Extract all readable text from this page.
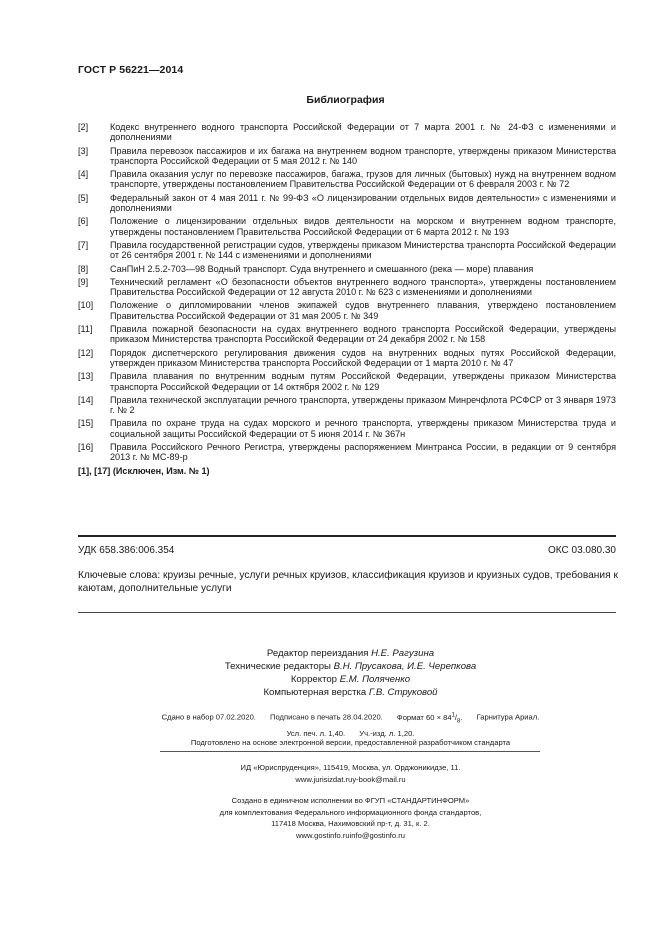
ГОСТ Р 56221—2014
Библиография
[2]	Кодекс внутреннего водного транспорта Российской Федерации от 7 марта 2001 г. № 24-ФЗ с изменениями и дополнениями
[3]	Правила перевозок пассажиров и их багажа на внутреннем водном транспорте, утверждены приказом Министерства транспорта Российской Федерации от 5 мая 2012 г. № 140
[4]	Правила оказания услуг по перевозке пассажиров, багажа, грузов для личных (бытовых) нужд на внутреннем водном транспорте, утверждены постановлением Правительства Российской Федерации от 6 февраля 2003 г. № 72
[5]	Федеральный закон от 4 мая 2011 г. № 99-ФЗ «О лицензировании отдельных видов деятельности» с изменениями и дополнениями
[6]	Положение о лицензировании отдельных видов деятельности на морском и внутреннем водном транспорте, утверждены постановлением Правительства Российской Федерации от 6 марта 2012 г. № 193
[7]	Правила государственной регистрации судов, утверждены приказом Министерства транспорта Российской Федерации от 26 сентября 2001 г. № 144 с изменениями и дополнениями
[8]	СанПиН 2.5.2-703—98 Водный транспорт. Суда внутреннего и смешанного (река — море) плавания
[9]	Технический регламент «О безопасности объектов внутреннего водного транспорта», утверждены постановлением Правительства Российской Федерации от 12 августа 2010 г. № 623 с изменениями и дополнениями
[10]	Положение о дипломировании членов экипажей судов внутреннего плавания, утверждено постановлением Правительства Российской Федерации от 31 мая 2005 г. № 349
[11]	Правила пожарной безопасности на судах внутреннего водного транспорта Российской Федерации, утверждены приказом Министерства транспорта Российской Федерации от 24 декабря 2002 г. № 158
[12]	Порядок диспетчерского регулирования движения судов на внутренних водных путях Российской Федерации, утвержден приказом Министерства транспорта Российской Федерации от 1 марта 2010 г. № 47
[13]	Правила плавания по внутренним водным путям Российской Федерации, утверждены приказом Министерства транспорта Российской Федерации от 14 октября 2002 г. № 129
[14]	Правила технической эксплуатации речного транспорта, утверждены приказом Минречфлота РСФСР от 3 января 1973 г. № 2
[15]	Правила по охране труда на судах морского и речного транспорта, утверждены приказом Министерства труда и социальной защиты Российской Федерации от 5 июня 2014 г. № 367н
[16]	Правила Российского Речного Регистра, утверждены распоряжением Минтранса России, в редакции от 9 сентября 2013 г. № МС-89-р
[1], [17] (Исключен, Изм. № 1)
УДК 658.386:006.354	ОКС 03.080.30
Ключевые слова: круизы речные, услуги речных круизов, классификация круизов и круизных судов, требования к каютам, дополнительные услуги
Редактор переиздания Н.Е. Рагузина
Технические редакторы В.Н. Прусакова, И.Е. Черепкова
Корректор Е.М. Поляченко
Компьютерная верстка Г.В. Струковой
Сдано в набор 07.02.2020. Подписано в печать 28.04.2020. Формат $60 \times 84^1/_8$. Гарнитура Ариал.
Усл. печ. л. 1,40. Уч.-изд. л. 1,20.
Подготовлено на основе электронной версии, предоставленной разработчиком стандарта
ИД «Юриспруденция», 115419, Москва, ул. Орджоникидзе, 11.
www.jurisizdat.ruy-book@mail.ru
Создано в единичном исполнении во ФГУП «СТАНДАРТИНФОРМ»
для комплектования Федерального информационного фонда стандартов,
117418 Москва, Нахимовский пр-т, д. 31, к. 2.
www.gostinfo.ruinfo@gostinfo.ru
